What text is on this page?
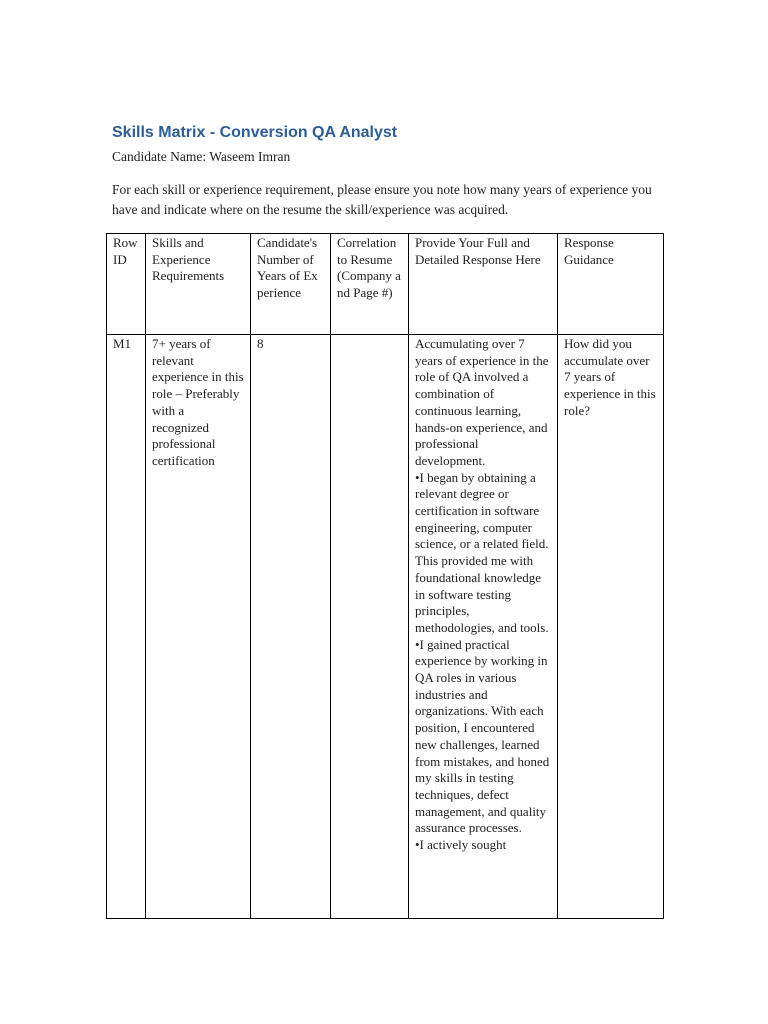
Skills Matrix - Conversion QA Analyst
Candidate Name: Waseem Imran
For each skill or experience requirement, please ensure you note how many years of experience you have and indicate where on the resume the skill/experience was acquired.
Row ID	Skills and Experience Requirements	Candidate's Number of Years of Experience	Correlation to Resume (Company and Page #)	Provide Your Full and Detailed Response Here	Response Guidance
M1	7+ years of relevant experience in this role – Preferably with a recognized professional certification	8		Accumulating over 7 years of experience in the role of QA involved a combination of continuous learning, hands-on experience, and professional development.
•I began by obtaining a relevant degree or certification in software engineering, computer science, or a related field. This provided me with foundational knowledge in software testing principles, methodologies, and tools.
•I gained practical experience by working in QA roles in various industries and organizations. With each position, I encountered new challenges, learned from mistakes, and honed my skills in testing techniques, defect management, and quality assurance processes.
•I actively sought	How did you accumulate over 7 years of experience in this role?
